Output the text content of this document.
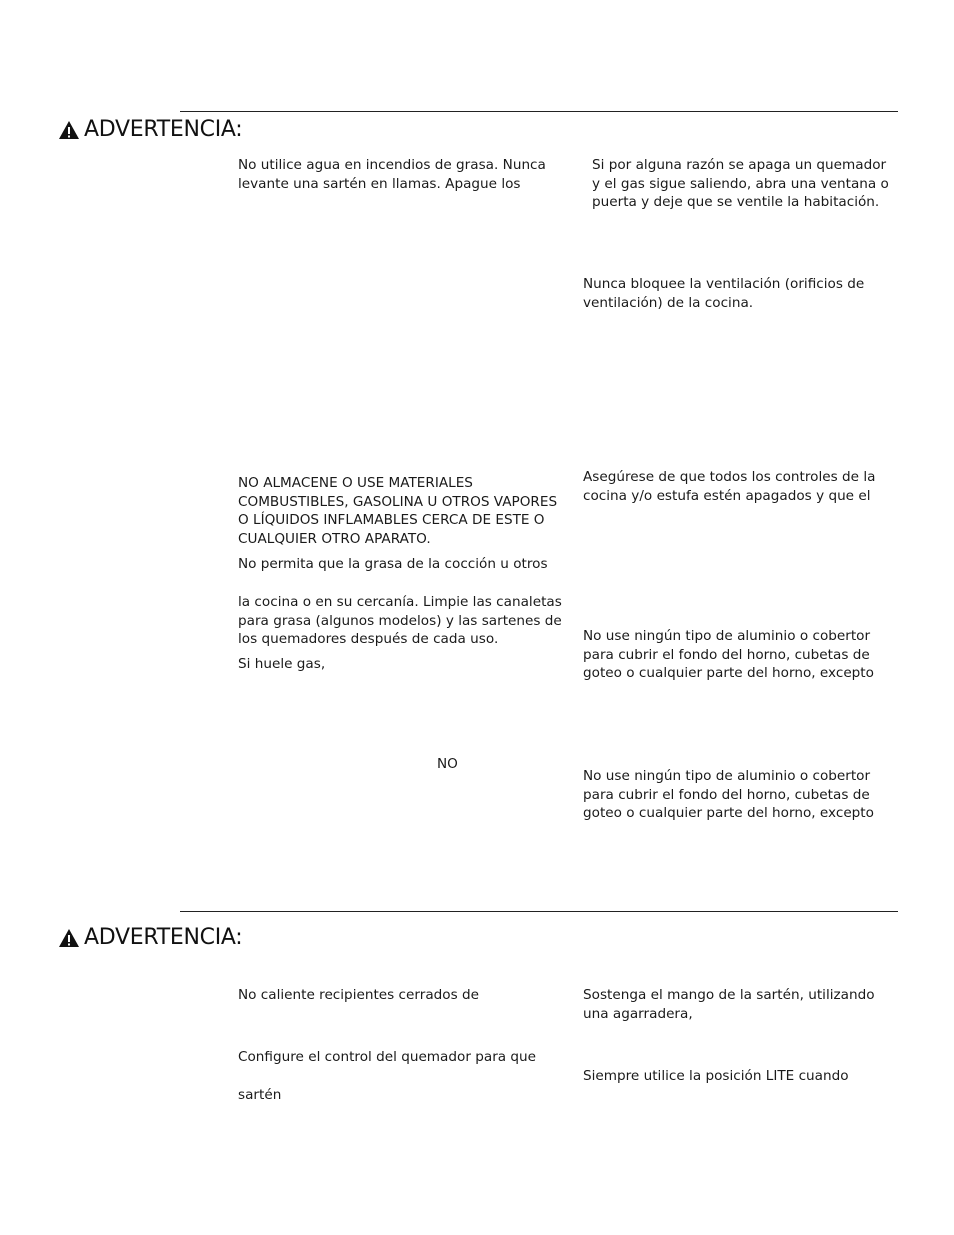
ADVERTENCIA:
No utilice agua en incendios de grasa. Nunca
levante una sartén en llamas. Apague los
NO ALMACENE O USE MATERIALES
COMBUSTIBLES, GASOLINA U OTROS VAPORES
O LÍQUIDOS INFLAMABLES CERCA DE ESTE O
CUALQUIER OTRO APARATO.
No permita que la grasa de la cocción u otros
la cocina o en su cercanía. Limpie las canaletas
para grasa (algunos modelos) y las sartenes de
los quemadores después de cada uso.
Si huele gas,
NO
Si por alguna razón se apaga un quemador
y el gas sigue saliendo, abra una ventana o
puerta y deje que se ventile la habitación.
Nunca bloquee la ventilación (orificios de
ventilación) de la cocina.
Asegúrese de que todos los controles de la
cocina y/o estufa estén apagados y que el
No use ningún tipo de aluminio o cobertor
para cubrir el fondo del horno, cubetas de
goteo o cualquier parte del horno, excepto
No use ningún tipo de aluminio o cobertor
para cubrir el fondo del horno, cubetas de
goteo o cualquier parte del horno, excepto
ADVERTENCIA:
No caliente recipientes cerrados de
Configure el control del quemador para que
sartén
Sostenga el mango de la sartén, utilizando
una agarradera,
Siempre utilice la posición LITE cuando
